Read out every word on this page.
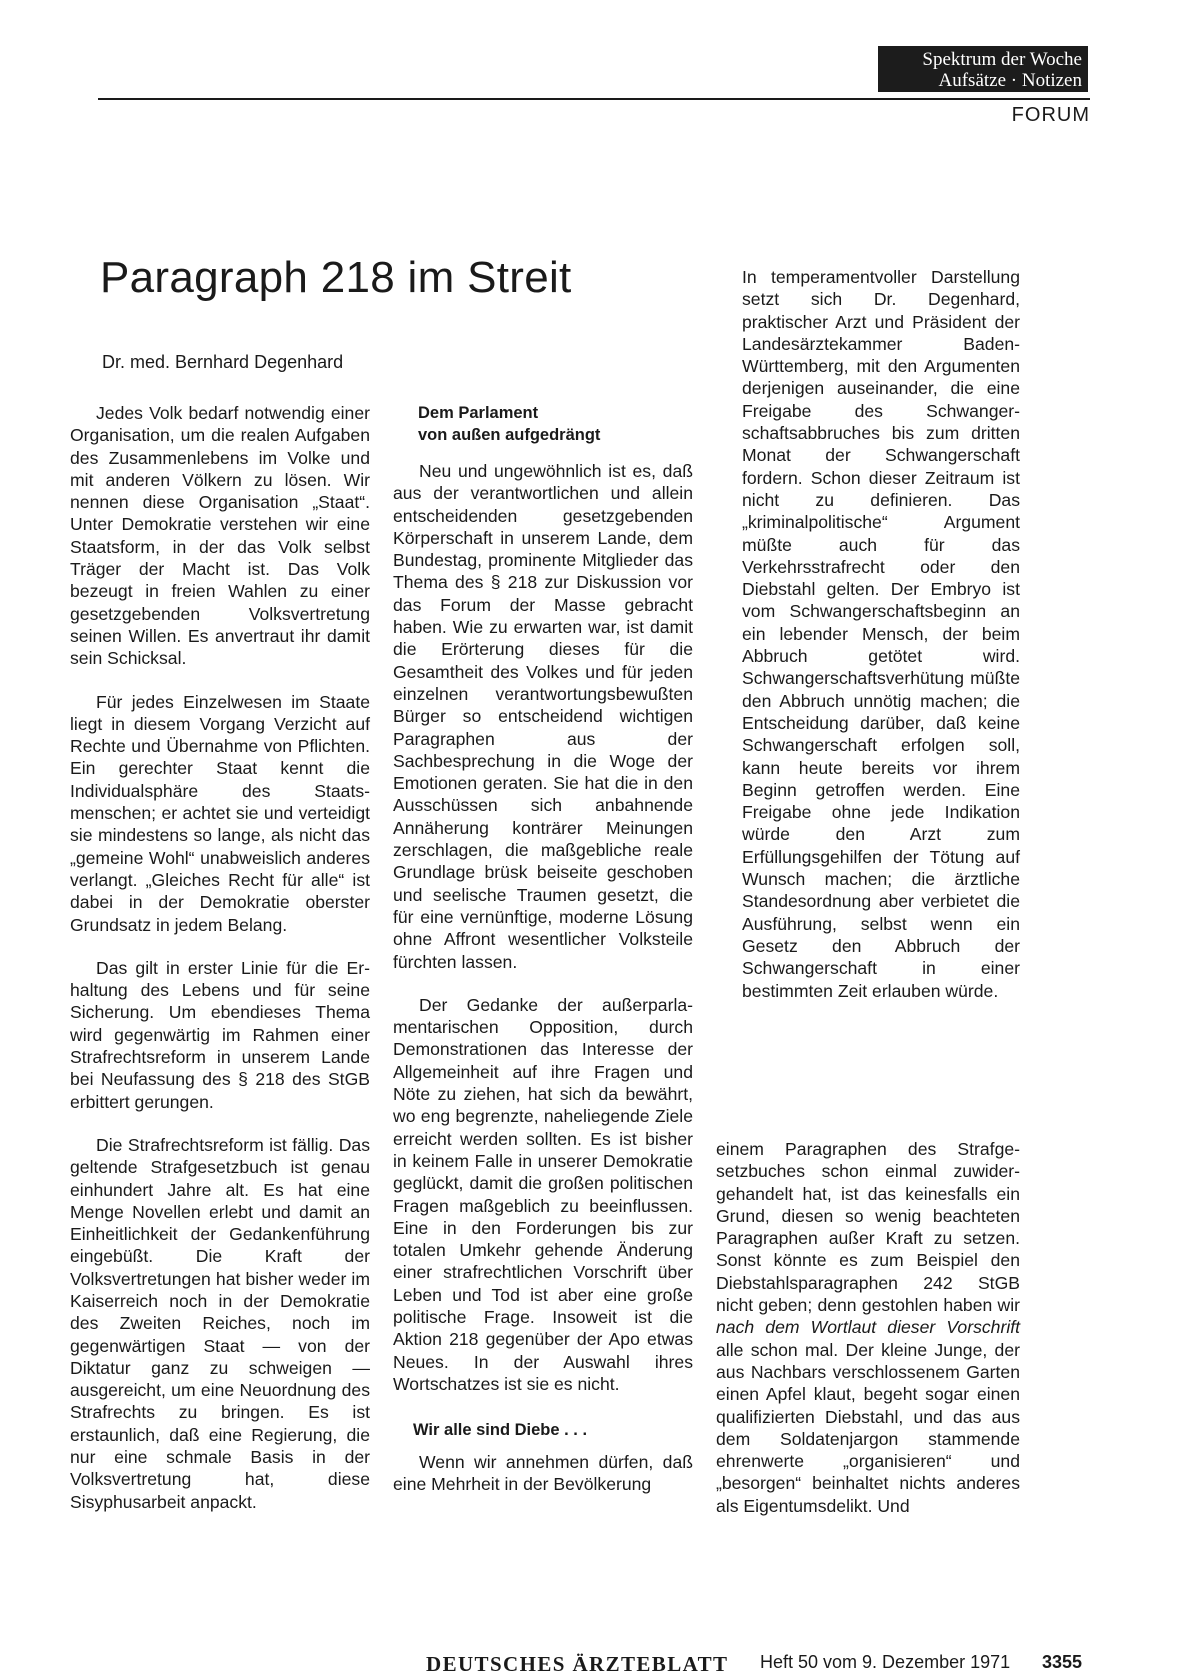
Spektrum der Woche
Aufsätze · Notizen
FORUM
Paragraph 218 im Streit
Dr. med. Bernhard Degenhard

Jedes Volk bedarf notwendig einer Organisation, um die realen Aufgaben des Zusammenlebens im Volke und mit anderen Völkern zu lösen. Wir nennen diese Organisation „Staat“. Unter Demokratie verstehen wir eine Staatsform, in der das Volk selbst Träger der Macht ist. Das Volk bezeugt in freien Wahlen zu einer gesetzgebenden Volksvertretung seinen Willen. Es anvertraut ihr damit sein Schicksal.

Für jedes Einzelwesen im Staate liegt in diesem Vorgang Verzicht auf Rechte und Übernahme von Pflichten. Ein gerechter Staat kennt die Individualsphäre des Staatsmenschen; er achtet sie und verteidigt sie mindestens so lange, als nicht das „gemeine Wohl“ unabweislich anderes verlangt. „Gleiches Recht für alle“ ist dabei in der Demokratie oberster Grundsatz in jedem Belang.

Das gilt in erster Linie für die Erhaltung des Lebens und für seine Sicherung. Um ebendieses Thema wird gegenwärtig im Rahmen einer Strafrechtsreform in unserem Lande bei Neufassung des § 218 des StGB erbittert gerungen.

Die Strafrechtsreform ist fällig. Das geltende Strafgesetzbuch ist genau einhundert Jahre alt. Es hat eine Menge Novellen erlebt und damit an Einheitlichkeit der Gedankenführung eingebüßt. Die Kraft der Volksvertretungen hat bisher weder im Kaiserreich noch in der Demokratie des Zweiten Reiches, noch im gegenwärtigen Staat — von der Diktatur ganz zu schweigen — ausgereicht, um eine Neuordnung des Strafrechts zu bringen. Es ist erstaunlich, daß eine Regierung, die nur eine schmale Basis in der Volksvertretung hat, diese Sisyphusarbeit anpackt.

Dem Parlament
von außen aufgedrängt

Neu und ungewöhnlich ist es, daß aus der verantwortlichen und allein entscheidenden gesetzgebenden Körperschaft in unserem Lande, dem Bundestag, prominente Mitglieder das Thema des § 218 zur Diskussion vor das Forum der Masse gebracht haben. Wie zu erwarten war, ist damit die Erörterung dieses für die Gesamtheit des Volkes und für jeden einzelnen verantwortungsbewußten Bürger so entscheidend wichtigen Paragraphen aus der Sachbesprechung in die Woge der Emotionen geraten. Sie hat die in den Ausschüssen sich anbahnende Annäherung konträrer Meinungen zerschlagen, die maßgebliche reale Grundlage brüsk beiseite geschoben und seelische Traumen gesetzt, die für eine vernünftige, moderne Lösung ohne Affront wesentlicher Volksteile fürchten lassen.

Der Gedanke der außerparlamentarischen Opposition, durch Demonstrationen das Interesse der Allgemeinheit auf ihre Fragen und Nöte zu ziehen, hat sich da bewährt, wo eng begrenzte, naheliegende Ziele erreicht werden sollten. Es ist bisher in keinem Falle in unserer Demokratie geglückt, damit die großen politischen Fragen maßgeblich zu beeinflussen. Eine in den Forderungen bis zur totalen Umkehr gehende Änderung einer strafrechtlichen Vorschrift über Leben und Tod ist aber eine große politische Frage. Insoweit ist die Aktion 218 gegenüber der Apo etwas Neues. In der Auswahl ihres Wortschatzes ist sie es nicht.

Wir alle sind Diebe . . .

Wenn wir annehmen dürfen, daß eine Mehrheit in der Bevölkerung

In temperamentvoller Darstellung setzt sich Dr. Degenhard, praktischer Arzt und Präsident der Landesärztekammer Baden-Württemberg, mit den Argumenten derjenigen auseinander, die eine Freigabe des Schwangerschaftsabbruches bis zum dritten Monat der Schwangerschaft fordern. Schon dieser Zeitraum ist nicht zu definieren. Das „kriminalpolitische“ Argument müßte auch für das Verkehrsstrafrecht oder den Diebstahl gelten. Der Embryo ist vom Schwangerschaftsbeginn an ein lebender Mensch, der beim Abbruch getötet wird. Schwangerschaftsverhütung müßte den Abbruch unnötig machen; die Entscheidung darüber, daß keine Schwangerschaft erfolgen soll, kann heute bereits vor ihrem Beginn getroffen werden. Eine Freigabe ohne jede Indikation würde den Arzt zum Erfüllungsgehilfen der Tötung auf Wunsch machen; die ärztliche Standesordnung aber verbietet die Ausführung, selbst wenn ein Gesetz den Abbruch der Schwangerschaft in einer bestimmten Zeit erlauben würde.

einem Paragraphen des Strafgesetzbuches schon einmal zuwidergehandelt hat, ist das keinesfalls ein Grund, diesen so wenig beachteten Paragraphen außer Kraft zu setzen. Sonst könnte es zum Beispiel den Diebstahlsparagraphen 242 StGB nicht geben; denn gestohlen haben wir nach dem Wortlaut dieser Vorschrift alle schon mal. Der kleine Junge, der aus Nachbars verschlossenem Garten einen Apfel klaut, begeht sogar einen qualifizierten Diebstahl, und das aus dem Soldatenjargon stammende ehrenwerte „organisieren“ und „besorgen“ beinhaltet nichts anderes als Eigentumsdelikt. Und

DEUTSCHES ÄRZTEBLATT Heft 50 vom 9. Dezember 1971 3355
